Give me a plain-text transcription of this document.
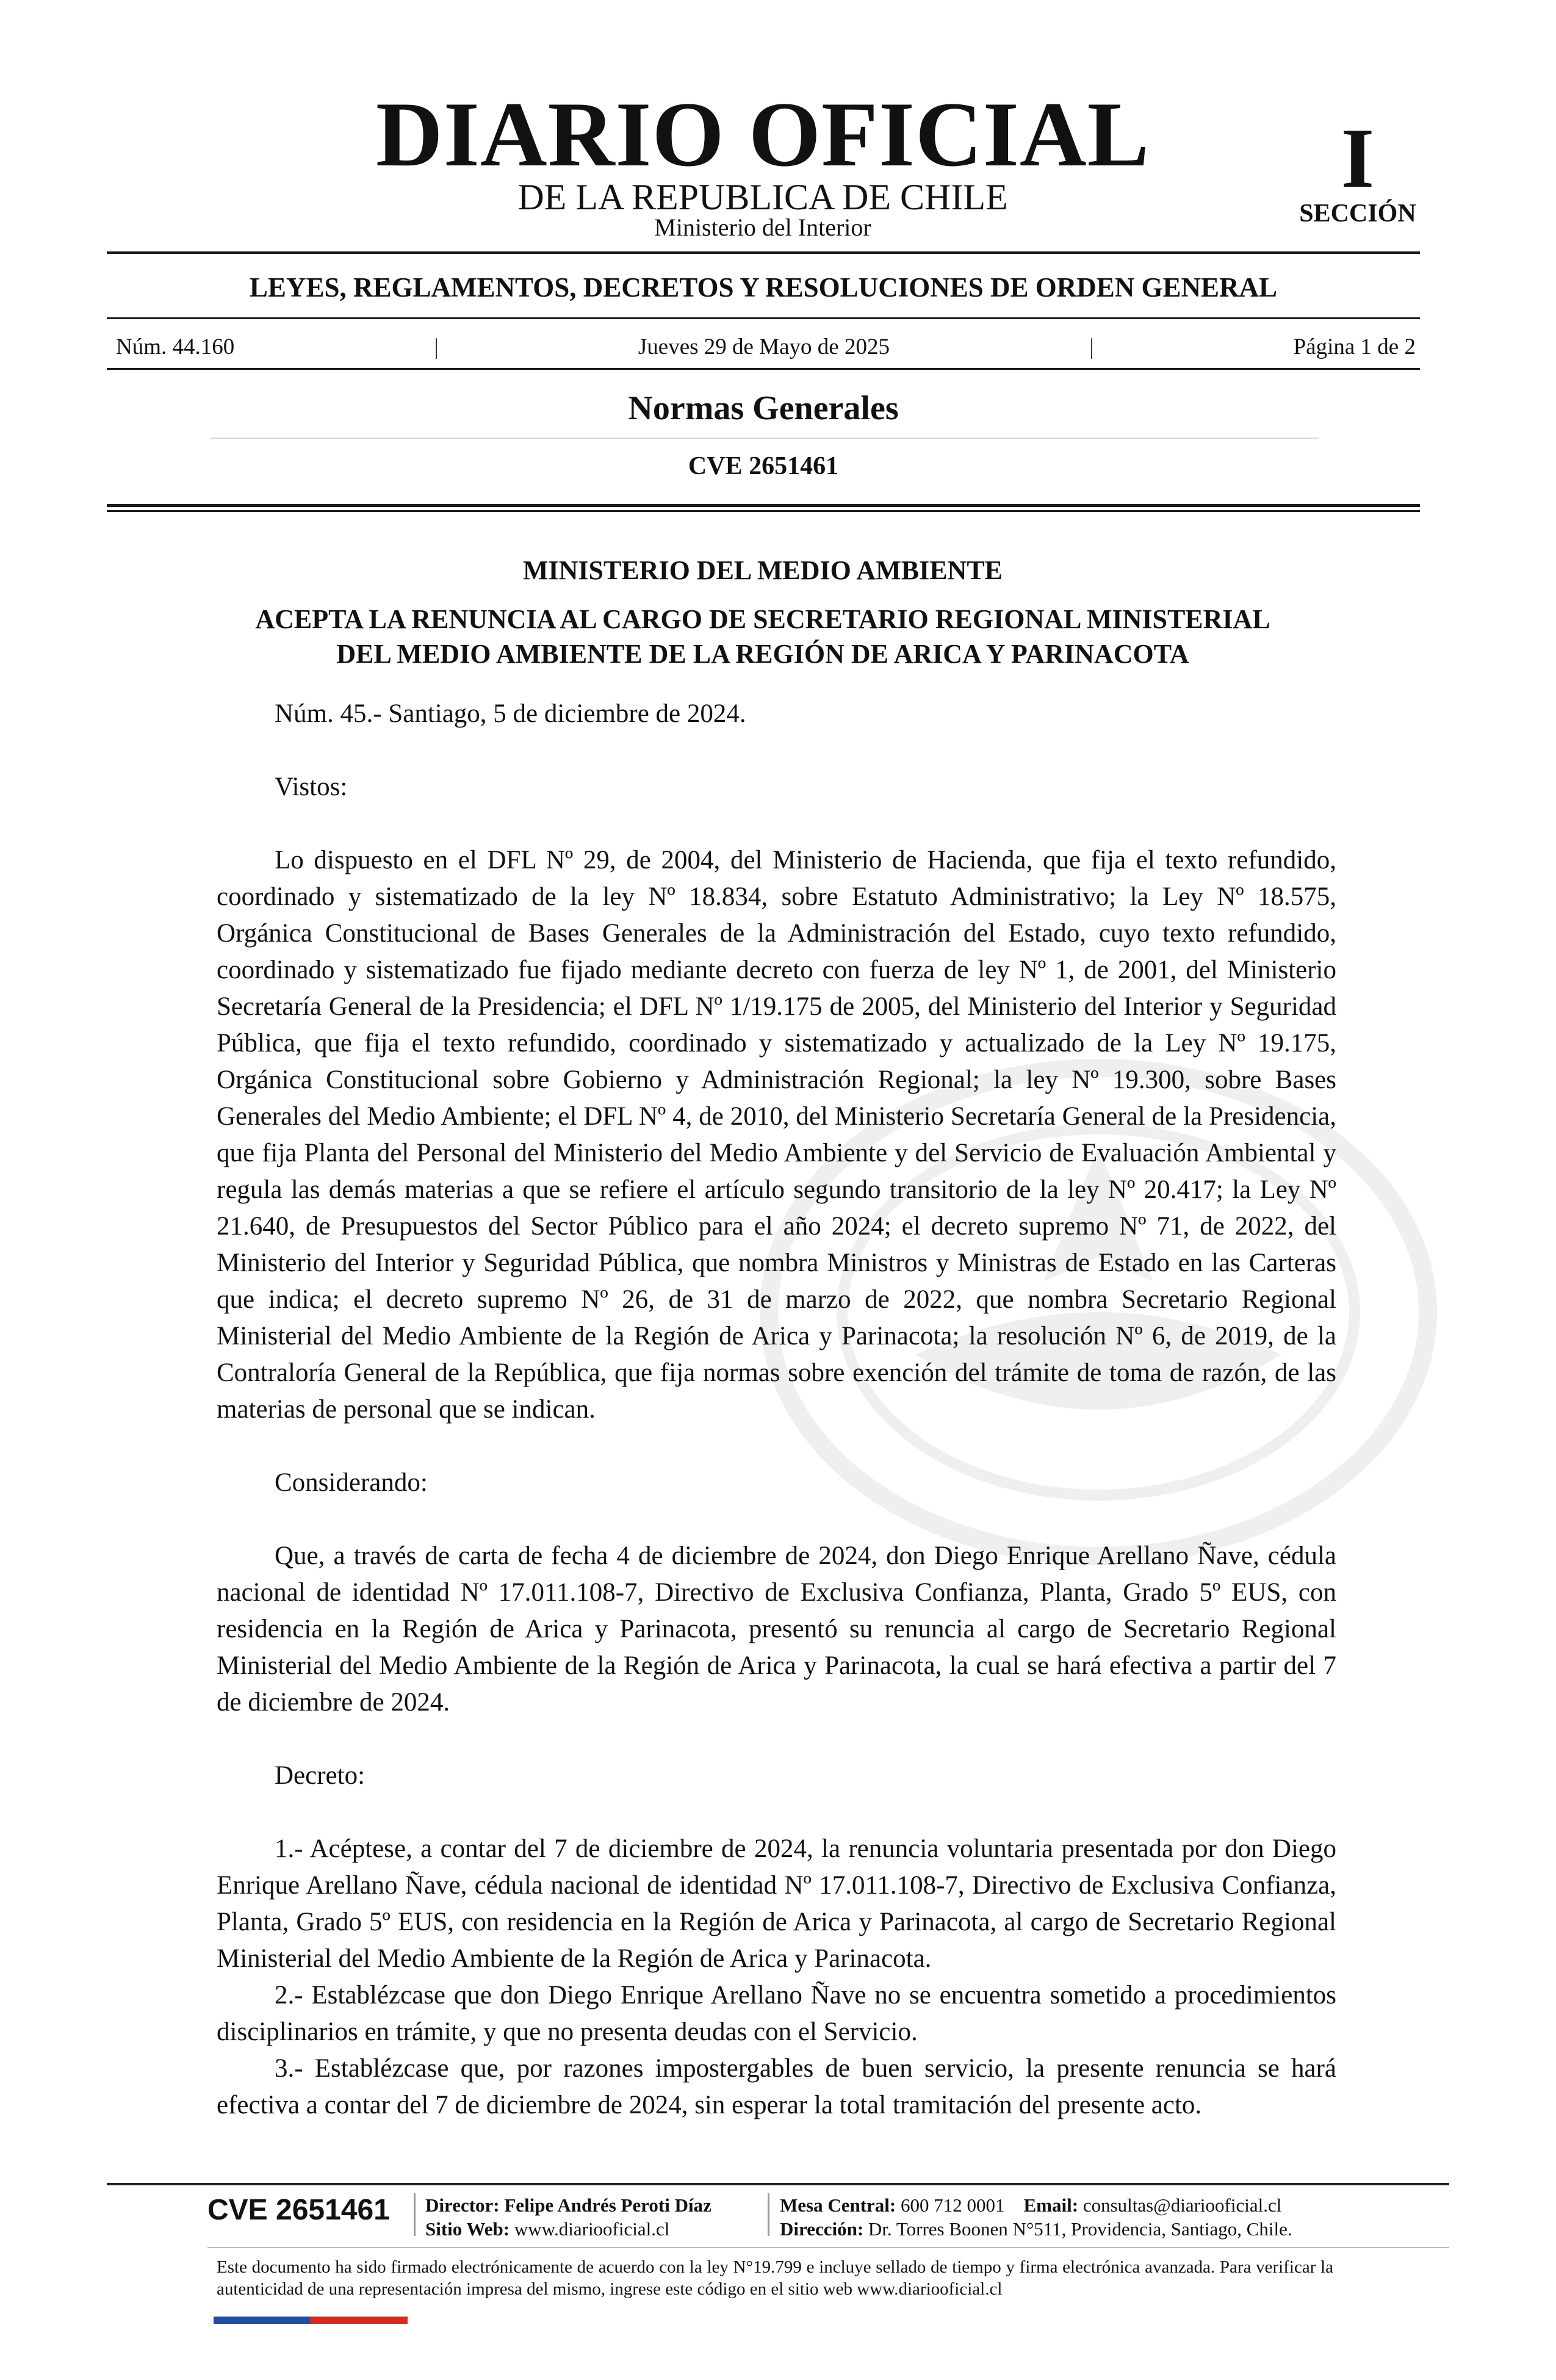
DIARIO OFICIAL
DE LA REPUBLICA DE CHILE
Ministerio del Interior
I
SECCIÓN
LEYES, REGLAMENTOS, DECRETOS Y RESOLUCIONES DE ORDEN GENERAL
Núm. 44.160	|	Jueves 29 de Mayo de 2025	|	Página 1 de 2
Normas Generales
CVE 2651461
MINISTERIO DEL MEDIO AMBIENTE
ACEPTA LA RENUNCIA AL CARGO DE SECRETARIO REGIONAL MINISTERIAL
DEL MEDIO AMBIENTE DE LA REGIÓN DE ARICA Y PARINACOTA

Núm. 45.- Santiago, 5 de diciembre de 2024.

Vistos:

Lo dispuesto en el DFL Nº 29, de 2004, del Ministerio de Hacienda, que fija el texto refundido, coordinado y sistematizado de la ley Nº 18.834, sobre Estatuto Administrativo; la Ley Nº 18.575, Orgánica Constitucional de Bases Generales de la Administración del Estado, cuyo texto refundido, coordinado y sistematizado fue fijado mediante decreto con fuerza de ley Nº 1, de 2001, del Ministerio Secretaría General de la Presidencia; el DFL Nº 1/19.175 de 2005, del Ministerio del Interior y Seguridad Pública, que fija el texto refundido, coordinado y sistematizado y actualizado de la Ley Nº 19.175, Orgánica Constitucional sobre Gobierno y Administración Regional; la ley Nº 19.300, sobre Bases Generales del Medio Ambiente; el DFL Nº 4, de 2010, del Ministerio Secretaría General de la Presidencia, que fija Planta del Personal del Ministerio del Medio Ambiente y del Servicio de Evaluación Ambiental y regula las demás materias a que se refiere el artículo segundo transitorio de la ley Nº 20.417; la Ley Nº 21.640, de Presupuestos del Sector Público para el año 2024; el decreto supremo Nº 71, de 2022, del Ministerio del Interior y Seguridad Pública, que nombra Ministros y Ministras de Estado en las Carteras que indica; el decreto supremo Nº 26, de 31 de marzo de 2022, que nombra Secretario Regional Ministerial del Medio Ambiente de la Región de Arica y Parinacota; la resolución Nº 6, de 2019, de la Contraloría General de la República, que fija normas sobre exención del trámite de toma de razón, de las materias de personal que se indican.

Considerando:

Que, a través de carta de fecha 4 de diciembre de 2024, don Diego Enrique Arellano Ñave, cédula nacional de identidad Nº 17.011.108-7, Directivo de Exclusiva Confianza, Planta, Grado 5º EUS, con residencia en la Región de Arica y Parinacota, presentó su renuncia al cargo de Secretario Regional Ministerial del Medio Ambiente de la Región de Arica y Parinacota, la cual se hará efectiva a partir del 7 de diciembre de 2024.

Decreto:

1.- Acéptese, a contar del 7 de diciembre de 2024, la renuncia voluntaria presentada por don Diego Enrique Arellano Ñave, cédula nacional de identidad Nº 17.011.108-7, Directivo de Exclusiva Confianza, Planta, Grado 5º EUS, con residencia en la Región de Arica y Parinacota, al cargo de Secretario Regional Ministerial del Medio Ambiente de la Región de Arica y Parinacota.

2.- Establézcase que don Diego Enrique Arellano Ñave no se encuentra sometido a procedimientos disciplinarios en trámite, y que no presenta deudas con el Servicio.

3.- Establézcase que, por razones impostergables de buen servicio, la presente renuncia se hará efectiva a contar del 7 de diciembre de 2024, sin esperar la total tramitación del presente acto.

CVE 2651461	Director: Felipe Andrés Peroti Díaz
Sitio Web: www.diariooficial.cl
Mesa Central: 600 712 0001 Email: consultas@diariooficial.cl
Dirección: Dr. Torres Boonen N°511, Providencia, Santiago, Chile.
Este documento ha sido firmado electrónicamente de acuerdo con la ley N°19.799 e incluye sellado de tiempo y firma electrónica avanzada. Para verificar la autenticidad de una representación impresa del mismo, ingrese este código en el sitio web www.diariooficial.cl
